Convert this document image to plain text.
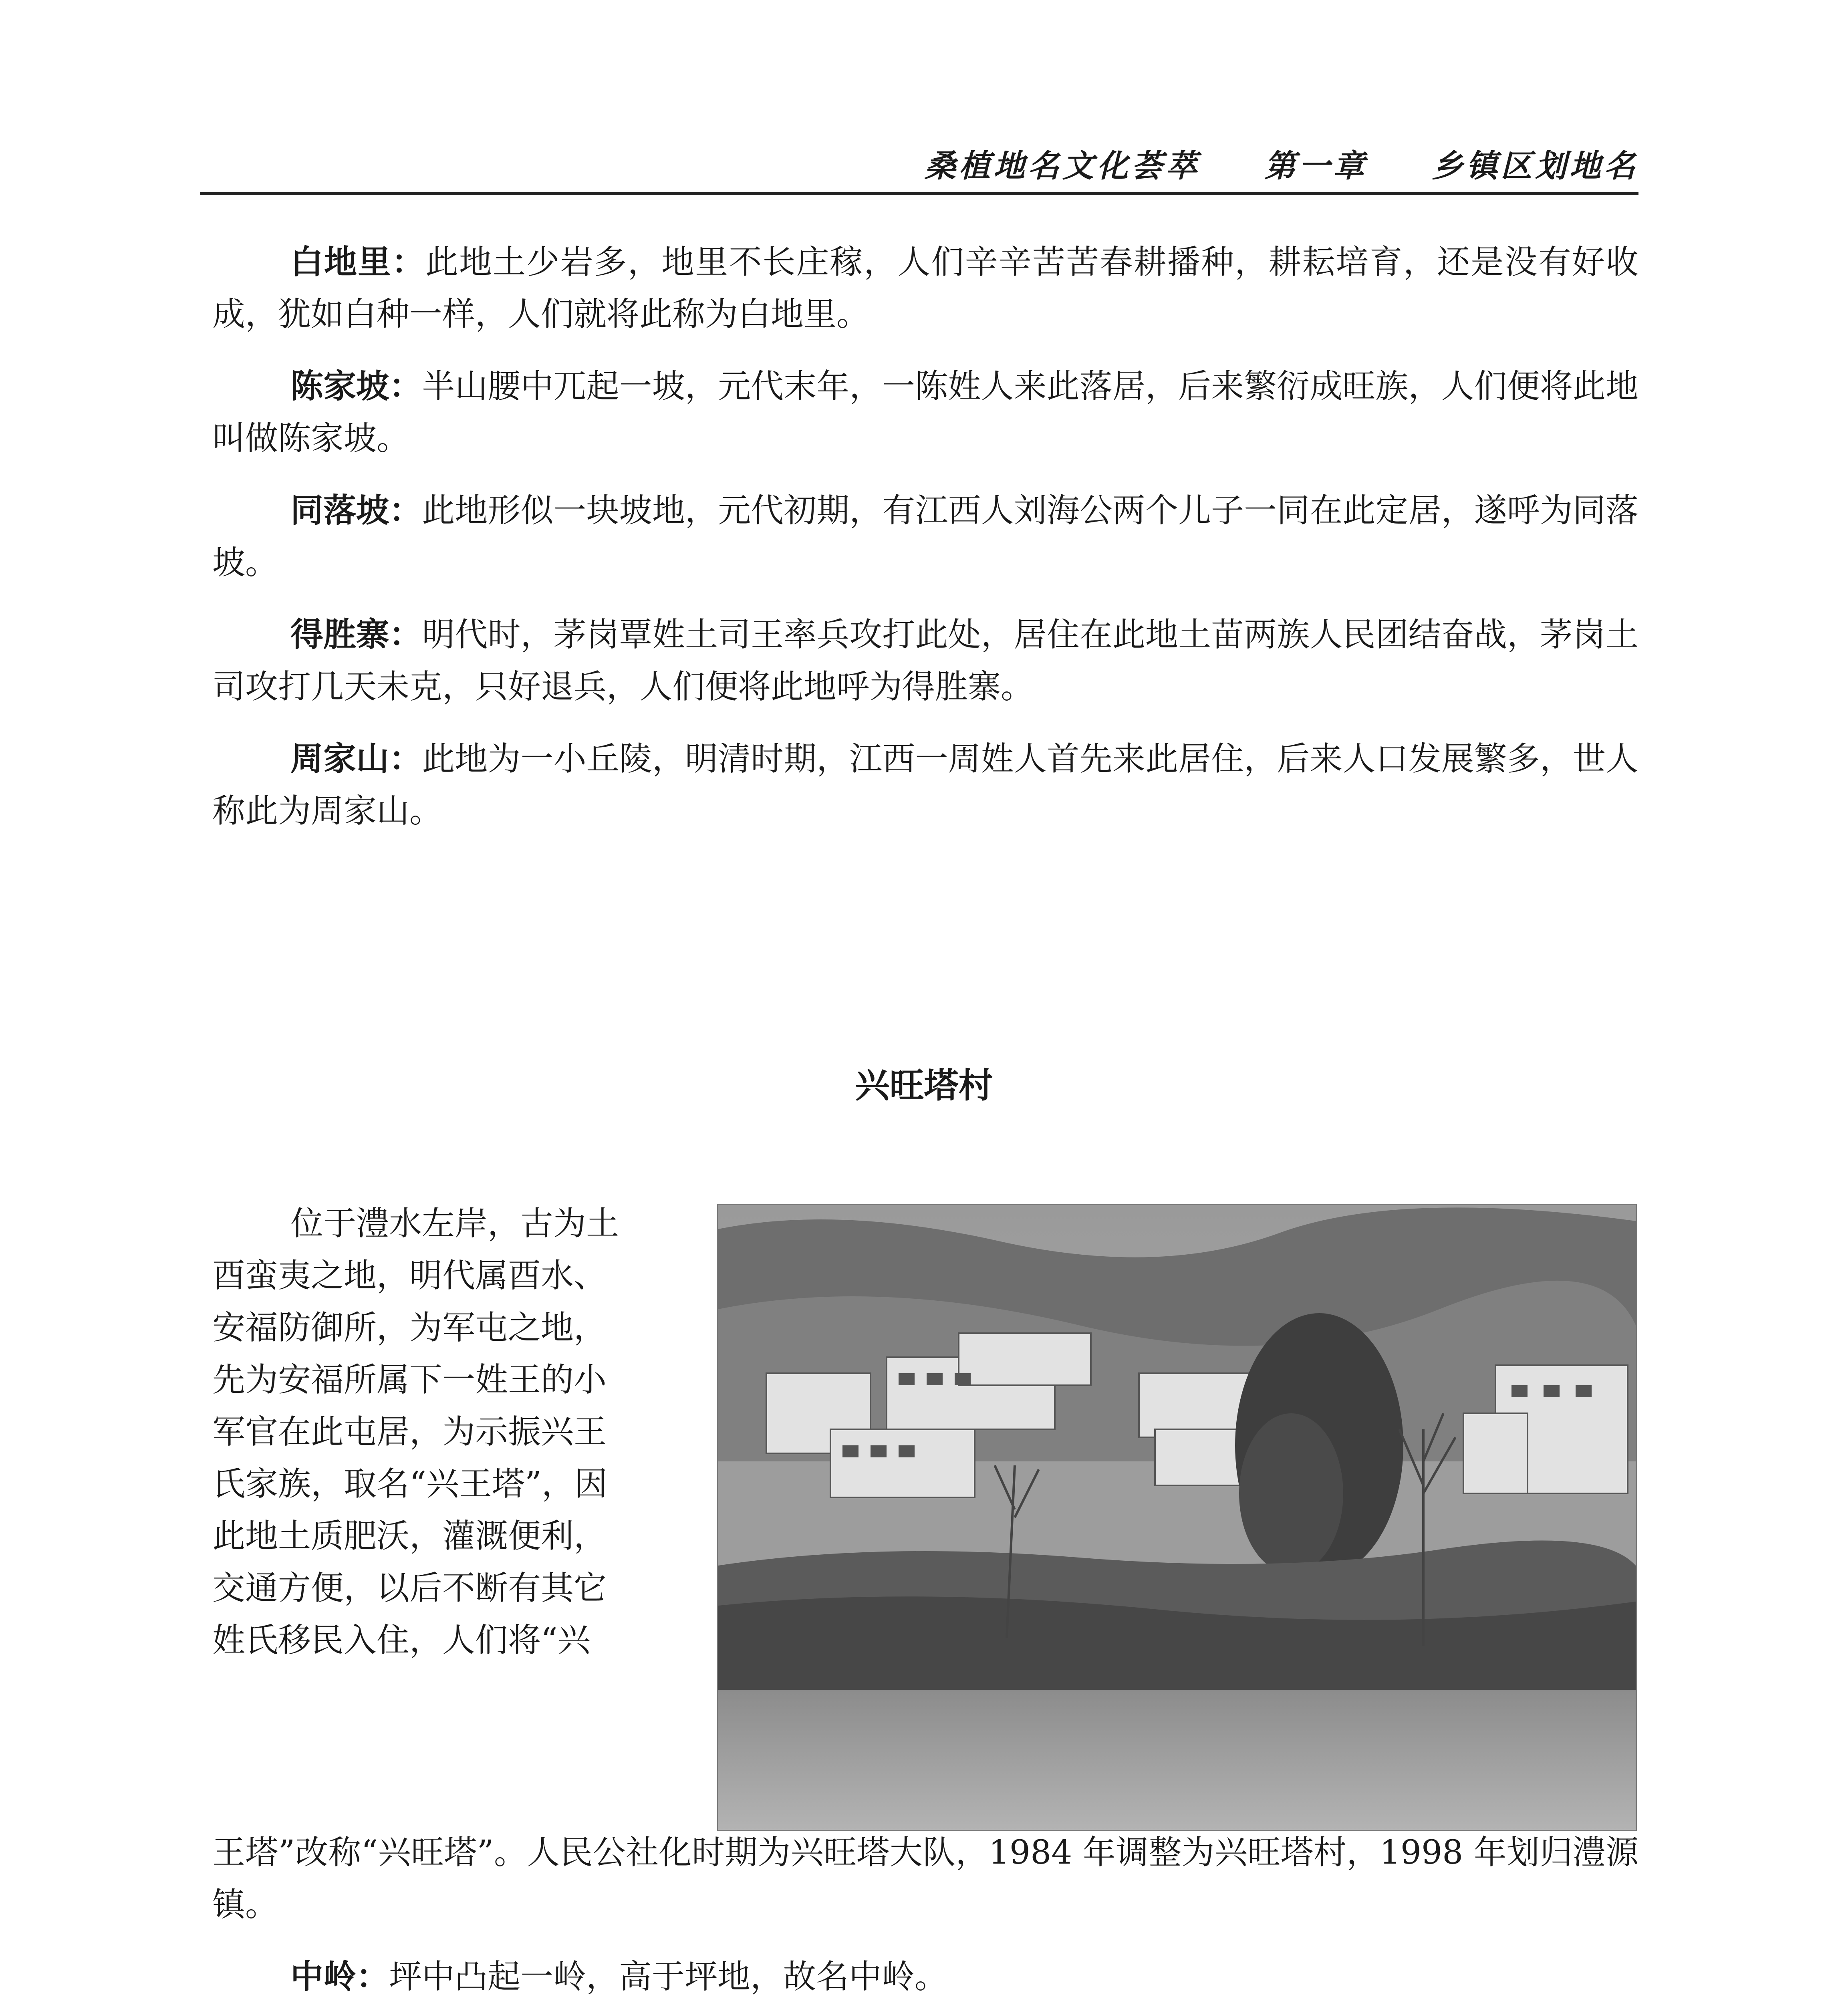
桑植地名文化荟萃 第一章 乡镇区划地名

白地里：此地土少岩多，地里不长庄稼，人们辛辛苦苦春耕播种，耕耘培育，还是没有好收成，犹如白种一样，人们就将此称为白地里。

陈家坡：半山腰中兀起一坡，元代末年，一陈姓人来此落居，后来繁衍成旺族，人们便将此地叫做陈家坡。

同落坡：此地形似一块坡地，元代初期，有江西人刘海公两个儿子一同在此定居，遂呼为同落坡。

得胜寨：明代时，茅岗覃姓土司王率兵攻打此处，居住在此地土苗两族人民团结奋战，茅岗土司攻打几天未克，只好退兵，人们便将此地呼为得胜寨。

周家山：此地为一小丘陵，明清时期，江西一周姓人首先来此居住，后来人口发展繁多，世人称此为周家山。

兴旺塔村
位于澧水左岸，古为土
酉蛮夷之地，明代属酉水、
安福防御所，为军屯之地，
先为安福所属下一姓王的小
军官在此屯居，为示振兴王
氏家族，取名“兴王塔”，因
此地土质肥沃，灌溉便利，
交通方便，以后不断有其它
姓氏移民入住，人们将“兴

王塔”改称“兴旺塔”。人民公社化时期为兴旺塔大队，1984 年调整为兴旺塔村，1998 年划归澧源镇。

中岭：坪中凸起一岭，高于坪地，故名中岭。
